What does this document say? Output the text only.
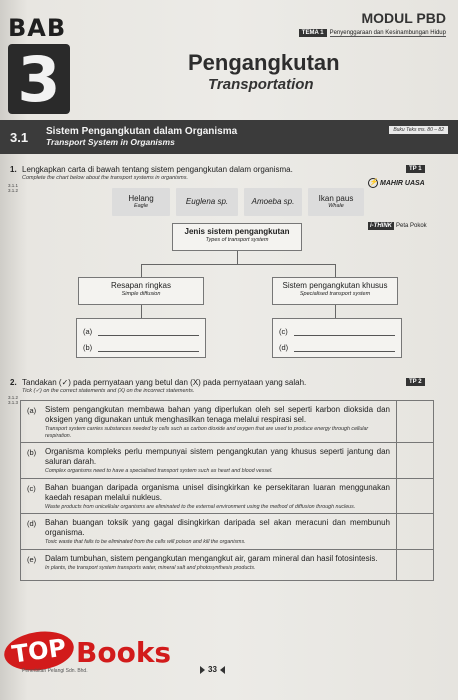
BAB
3
MODUL PBD
TEMA 1	Penyenggaraan dan Kesinambungan Hidup
Pengangkutan
Transportation
3.1	Sistem Pengangkutan dalam Organisma
Transport System in Organisms
Buku Teks ms. 80 – 82
1. Lengkapkan carta di bawah tentang sistem pengangkutan dalam organisma.
Complete the chart below about the transport systems in organisms.
3.1.1
3.1.2
TP 1
⚡ MAHIR UASA
i-THINK Peta Pokok
Helang
Eagle
Euglena sp.	Amoeba sp.	Ikan paus
Whale
Jenis sistem pengangkutan
Types of transport system
Resapan ringkas
Simple diffusion
Sistem pengangkutan khusus
Specialised transport system
(a)
(b)
(c)
(d)
2. Tandakan (✓) pada pernyataan yang betul dan (X) pada pernyataan yang salah.
Tick (✓) on the correct statements and (X) on the incorrect statements.
3.1.2
3.1.3
TP 2
(a)	Sistem pengangkutan membawa bahan yang diperlukan oleh sel seperti karbon dioksida dan oksigen yang digunakan untuk menghasilkan tenaga melalui respirasi sel.
Transport system carries substances needed by cells such as carbon dioxide and oxygen that are used to produce energy through cellular respiration.
(b)	Organisma kompleks perlu mempunyai sistem pengangkutan yang khusus seperti jantung dan saluran darah.
Complex organisms need to have a specialised transport system such as heart and blood vessel.
(c)	Bahan buangan daripada organisma unisel disingkirkan ke persekitaran luaran menggunakan kaedah resapan melalui nukleus.
Waste products from unicellular organisms are eliminated to the external environment using the method of diffusion through nucleus.
(d)	Bahan buangan toksik yang gagal disingkirkan daripada sel akan meracuni dan membunuh organisma.
Toxic waste that fails to be eliminated from the cells will poison and kill the organisms.
(e)	Dalam tumbuhan, sistem pengangkutan mengangkut air, garam mineral dan hasil fotosintesis.
In plants, the transport system transports water, mineral salt and photosynthesis products.
TOP Books
Penerbitan Pelangi Sdn. Bhd.	33
